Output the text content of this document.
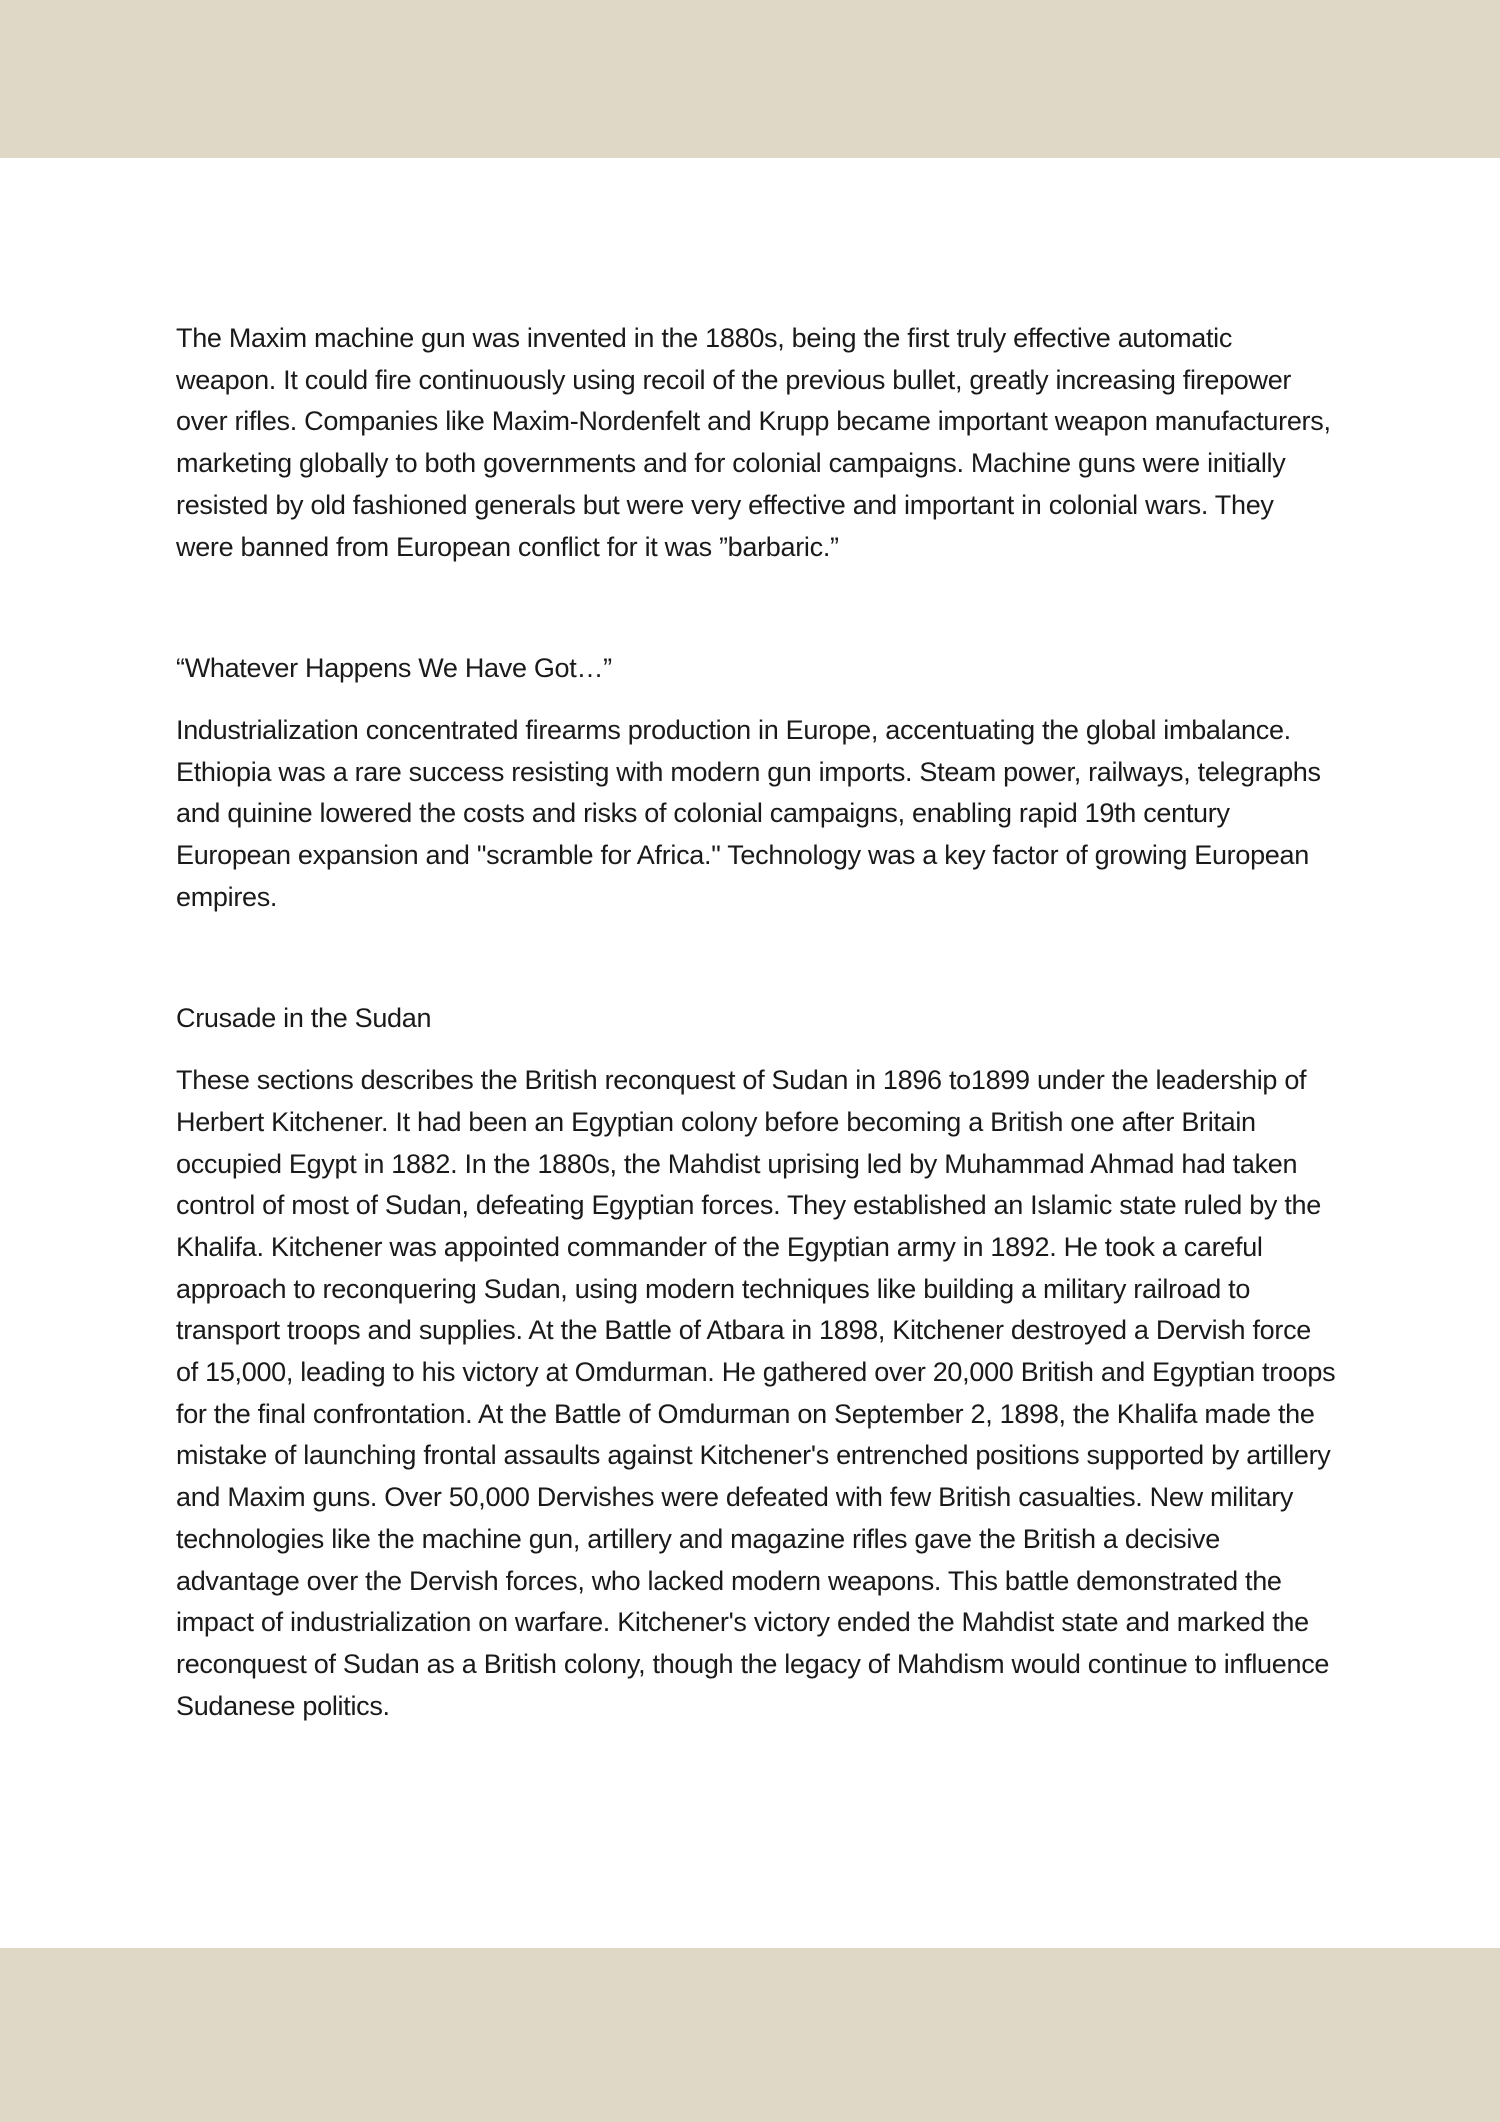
The Maxim machine gun was invented in the 1880s, being the first truly effective automatic weapon. It could fire continuously using recoil of the previous bullet, greatly increasing firepower over rifles. Companies like Maxim-Nordenfelt and Krupp became important weapon manufacturers, marketing globally to both governments and for colonial campaigns. Machine guns were initially resisted by old fashioned generals but were very effective and important in colonial wars. They were banned from European conflict for it was ”barbaric.”

“Whatever Happens We Have Got…”

Industrialization concentrated firearms production in Europe, accentuating the global imbalance. Ethiopia was a rare success resisting with modern gun imports. Steam power, railways, telegraphs and quinine lowered the costs and risks of colonial campaigns, enabling rapid 19th century European expansion and "scramble for Africa." Technology was a key factor of growing European empires.

Crusade in the Sudan

These sections describes the British reconquest of Sudan in 1896 to1899 under the leadership of Herbert Kitchener. It had been an Egyptian colony before becoming a British one after Britain occupied Egypt in 1882. In the 1880s, the Mahdist uprising led by Muhammad Ahmad had taken control of most of Sudan, defeating Egyptian forces. They established an Islamic state ruled by the Khalifa. Kitchener was appointed commander of the Egyptian army in 1892. He took a careful approach to reconquering Sudan, using modern techniques like building a military railroad to transport troops and supplies. At the Battle of Atbara in 1898, Kitchener destroyed a Dervish force of 15,000, leading to his victory at Omdurman. He gathered over 20,000 British and Egyptian troops for the final confrontation. At the Battle of Omdurman on September 2, 1898, the Khalifa made the mistake of launching frontal assaults against Kitchener's entrenched positions supported by artillery and Maxim guns. Over 50,000 Dervishes were defeated with few British casualties. New military technologies like the machine gun, artillery and magazine rifles gave the British a decisive advantage over the Dervish forces, who lacked modern weapons. This battle demonstrated the impact of industrialization on warfare. Kitchener's victory ended the Mahdist state and marked the reconquest of Sudan as a British colony, though the legacy of Mahdism would continue to influence Sudanese politics.
